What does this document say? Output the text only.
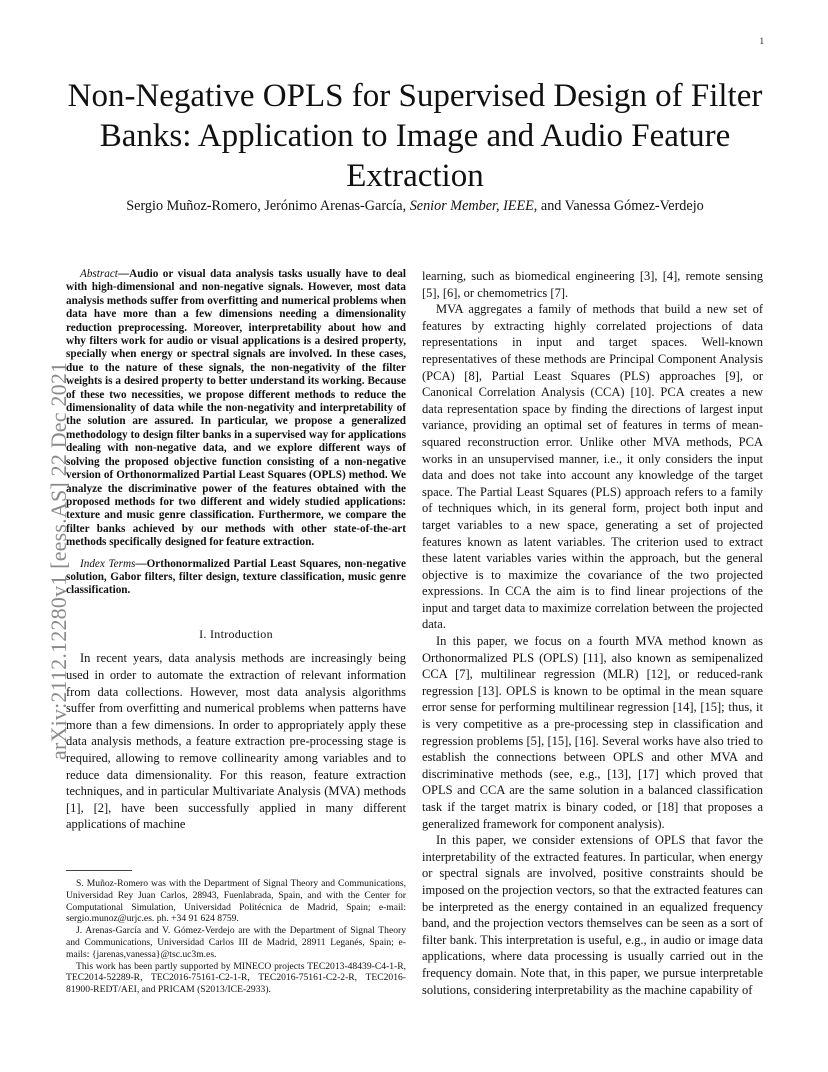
1
arXiv:2112.12280v1 [eess.AS] 22 Dec 2021
Non-Negative OPLS for Supervised Design of Filter Banks: Application to Image and Audio Feature Extraction
Sergio Muñoz-Romero, Jerónimo Arenas-García, Senior Member, IEEE, and Vanessa Gómez-Verdejo

Abstract—Audio or visual data analysis tasks usually have to deal with high-dimensional and non-negative signals. However, most data analysis methods suffer from overfitting and numerical problems when data have more than a few dimensions needing a dimensionality reduction preprocessing. Moreover, interpretability about how and why filters work for audio or visual applications is a desired property, specially when energy or spectral signals are involved. In these cases, due to the nature of these signals, the non-negativity of the filter weights is a desired property to better understand its working. Because of these two necessities, we propose different methods to reduce the dimensionality of data while the non-negativity and interpretability of the solution are assured. In particular, we propose a generalized methodology to design filter banks in a supervised way for applications dealing with non-negative data, and we explore different ways of solving the proposed objective function consisting of a non-negative version of Orthonormalized Partial Least Squares (OPLS) method. We analyze the discriminative power of the features obtained with the proposed methods for two different and widely studied applications: texture and music genre classification. Furthermore, we compare the filter banks achieved by our methods with other state-of-the-art methods specifically designed for feature extraction.

Index Terms—Orthonormalized Partial Least Squares, non-negative solution, Gabor filters, filter design, texture classification, music genre classification.

I. Introduction

In recent years, data analysis methods are increasingly being used in order to automate the extraction of relevant information from data collections. However, most data analysis algorithms suffer from overfitting and numerical problems when patterns have more than a few dimensions. In order to appropriately apply these data analysis methods, a feature extraction pre-processing stage is required, allowing to remove collinearity among variables and to reduce data dimensionality. For this reason, feature extraction techniques, and in particular Multivariate Analysis (MVA) methods [1], [2], have been successfully applied in many different applications of machine

learning, such as biomedical engineering [3], [4], remote sensing [5], [6], or chemometrics [7].

MVA aggregates a family of methods that build a new set of features by extracting highly correlated projections of data representations in input and target spaces. Well-known representatives of these methods are Principal Component Analysis (PCA) [8], Partial Least Squares (PLS) approaches [9], or Canonical Correlation Analysis (CCA) [10]. PCA creates a new data representation space by finding the directions of largest input variance, providing an optimal set of features in terms of mean-squared reconstruction error. Unlike other MVA methods, PCA works in an unsupervised manner, i.e., it only considers the input data and does not take into account any knowledge of the target space. The Partial Least Squares (PLS) approach refers to a family of techniques which, in its general form, project both input and target variables to a new space, generating a set of projected features known as latent variables. The criterion used to extract these latent variables varies within the approach, but the general objective is to maximize the covariance of the two projected expressions. In CCA the aim is to find linear projections of the input and target data to maximize correlation between the projected data.

In this paper, we focus on a fourth MVA method known as Orthonormalized PLS (OPLS) [11], also known as semipenalized CCA [7], multilinear regression (MLR) [12], or reduced-rank regression [13]. OPLS is known to be optimal in the mean square error sense for performing multilinear regression [14], [15]; thus, it is very competitive as a pre-processing step in classification and regression problems [5], [15], [16]. Several works have also tried to establish the connections between OPLS and other MVA and discriminative methods (see, e.g., [13], [17] which proved that OPLS and CCA are the same solution in a balanced classification task if the target matrix is binary coded, or [18] that proposes a generalized framework for component analysis).

In this paper, we consider extensions of OPLS that favor the interpretability of the extracted features. In particular, when energy or spectral signals are involved, positive constraints should be imposed on the projection vectors, so that the extracted features can be interpreted as the energy contained in an equalized frequency band, and the projection vectors themselves can be seen as a sort of filter bank. This interpretation is useful, e.g., in audio or image data applications, where data processing is usually carried out in the frequency domain. Note that, in this paper, we pursue interpretable solutions, considering interpretability as the machine capability of

S. Muñoz-Romero was with the Department of Signal Theory and Communications, Universidad Rey Juan Carlos, 28943, Fuenlabrada, Spain, and with the Center for Computational Simulation, Universidad Politécnica de Madrid, Spain; e-mail: sergio.munoz@urjc.es. ph. +34 91 624 8759.

J. Arenas-García and V. Gómez-Verdejo are with the Department of Signal Theory and Communications, Universidad Carlos III de Madrid, 28911 Leganés, Spain; e-mails: {jarenas,vanessa}@tsc.uc3m.es.

This work has been partly supported by MINECO projects TEC2013-48439-C4-1-R, TEC2014-52289-R, TEC2016-75161-C2-1-R, TEC2016-75161-C2-2-R, TEC2016-81900-REDT/AEI, and PRICAM (S2013/ICE-2933).
